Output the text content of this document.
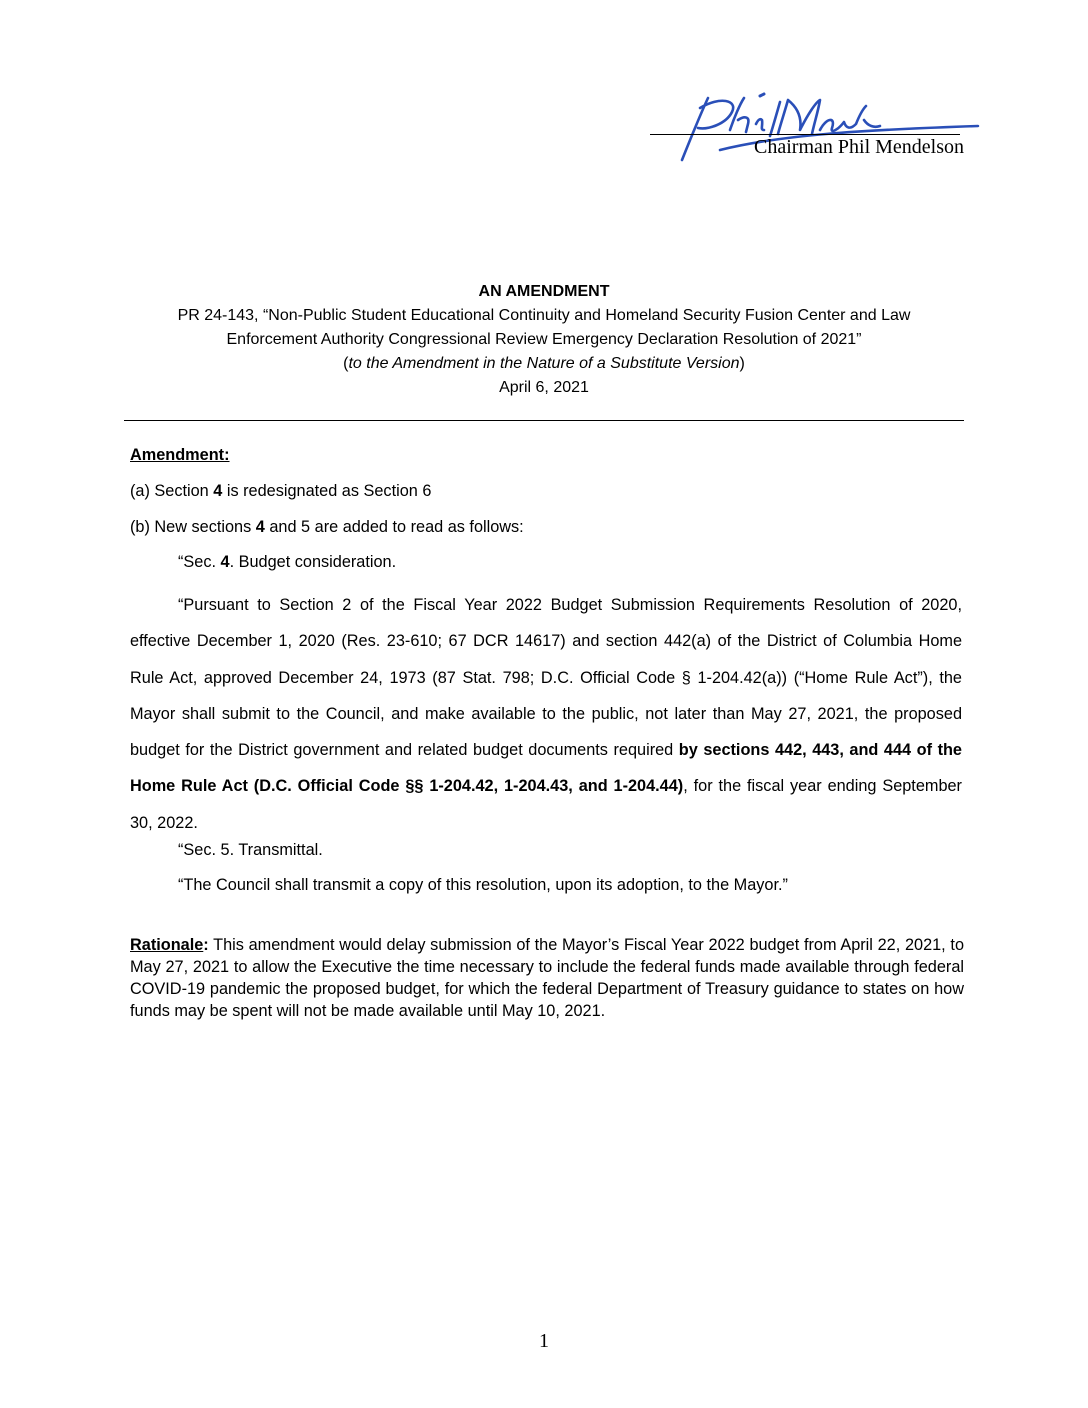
Chairman Phil Mendelson
AN AMENDMENT
PR 24-143, “Non-Public Student Educational Continuity and Homeland Security Fusion Center and Law
Enforcement Authority Congressional Review Emergency Declaration Resolution of 2021”
(to the Amendment in the Nature of a Substitute Version)
April 6, 2021
Amendment:
(a) Section 4 is redesignated as Section 6
(b) New sections 4 and 5 are added to read as follows:
“Sec. 4. Budget consideration.

“Pursuant to Section 2 of the Fiscal Year 2022 Budget Submission Requirements Resolution of 2020, effective December 1, 2020 (Res. 23-610; 67 DCR 14617) and section 442(a) of the District of Columbia Home Rule Act, approved December 24, 1973 (87 Stat. 798; D.C. Official Code § 1-204.42(a)) (“Home Rule Act”), the Mayor shall submit to the Council, and make available to the public, not later than May 27, 2021, the proposed budget for the District government and related budget documents required by sections 442, 443, and 444 of the Home Rule Act (D.C. Official Code §§ 1-204.42, 1-204.43, and 1-204.44), for the fiscal year ending September 30, 2022.

“Sec. 5. Transmittal.
“The Council shall transmit a copy of this resolution, upon its adoption, to the Mayor.”

Rationale: This amendment would delay submission of the Mayor’s Fiscal Year 2022 budget from April 22, 2021, to May 27, 2021 to allow the Executive the time necessary to include the federal funds made available through federal COVID-19 pandemic the proposed budget, for which the federal Department of Treasury guidance to states on how funds may be spent will not be made available until May 10, 2021.

1
